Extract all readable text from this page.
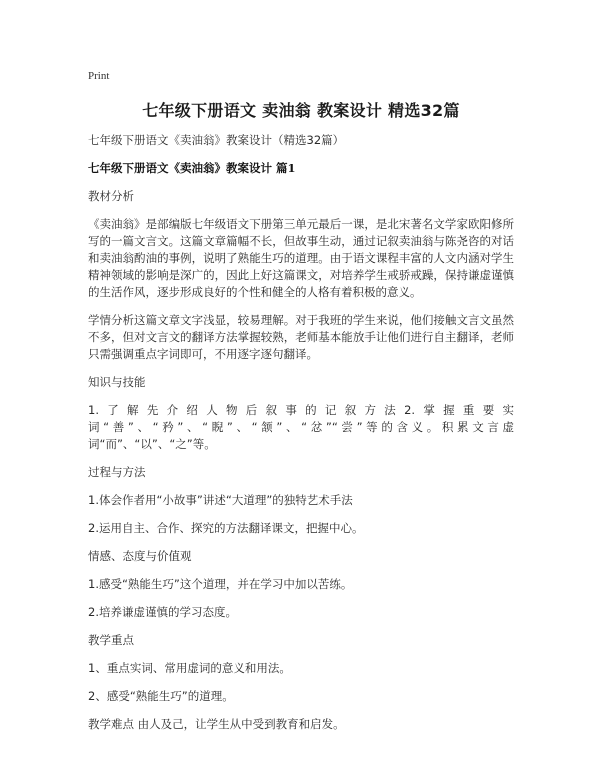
Print
七年级下册语文 卖油翁 教案设计 精选32篇
七年级下册语文《卖油翁》教案设计（精选32篇）
七年级下册语文《卖油翁》教案设计 篇1
教材分析
《卖油翁》是部编版七年级语文下册第三单元最后一课，是北宋著名文学家欧阳修所写的一篇文言文。这篇文章篇幅不长，但故事生动，通过记叙卖油翁与陈尧咨的对话和卖油翁酌油的事例，说明了熟能生巧的道理。由于语文课程丰富的人文内涵对学生精神领域的影响是深广的，因此上好这篇课文，对培养学生戒骄戒躁，保持谦虚谨慎的生活作风，逐步形成良好的个性和健全的人格有着积极的意义。
学情分析这篇文章文字浅显，较易理解。对于我班的学生来说，他们接触文言文虽然不多，但对文言文的翻译方法掌握较熟，老师基本能放手让他们进行自主翻译，老师只需强调重点字词即可，不用逐字逐句翻译。
知识与技能
1.了解先介绍人物后叙事的记叙方法2.掌握重要实词“善”、“矜”、“睨”、“颔”、“忿”“尝”等的含义。积累文言虚词“而”、“以”、“之”等。
过程与方法
1.体会作者用“小故事”讲述“大道理”的独特艺术手法
2.运用自主、合作、探究的方法翻译课文，把握中心。
情感、态度与价值观
1.感受“熟能生巧”这个道理，并在学习中加以苦练。
2.培养谦虚谨慎的学习态度。
教学重点
1、重点实词、常用虚词的意义和用法。
2、感受“熟能生巧”的道理。
教学难点 由人及己，让学生从中受到教育和启发。
